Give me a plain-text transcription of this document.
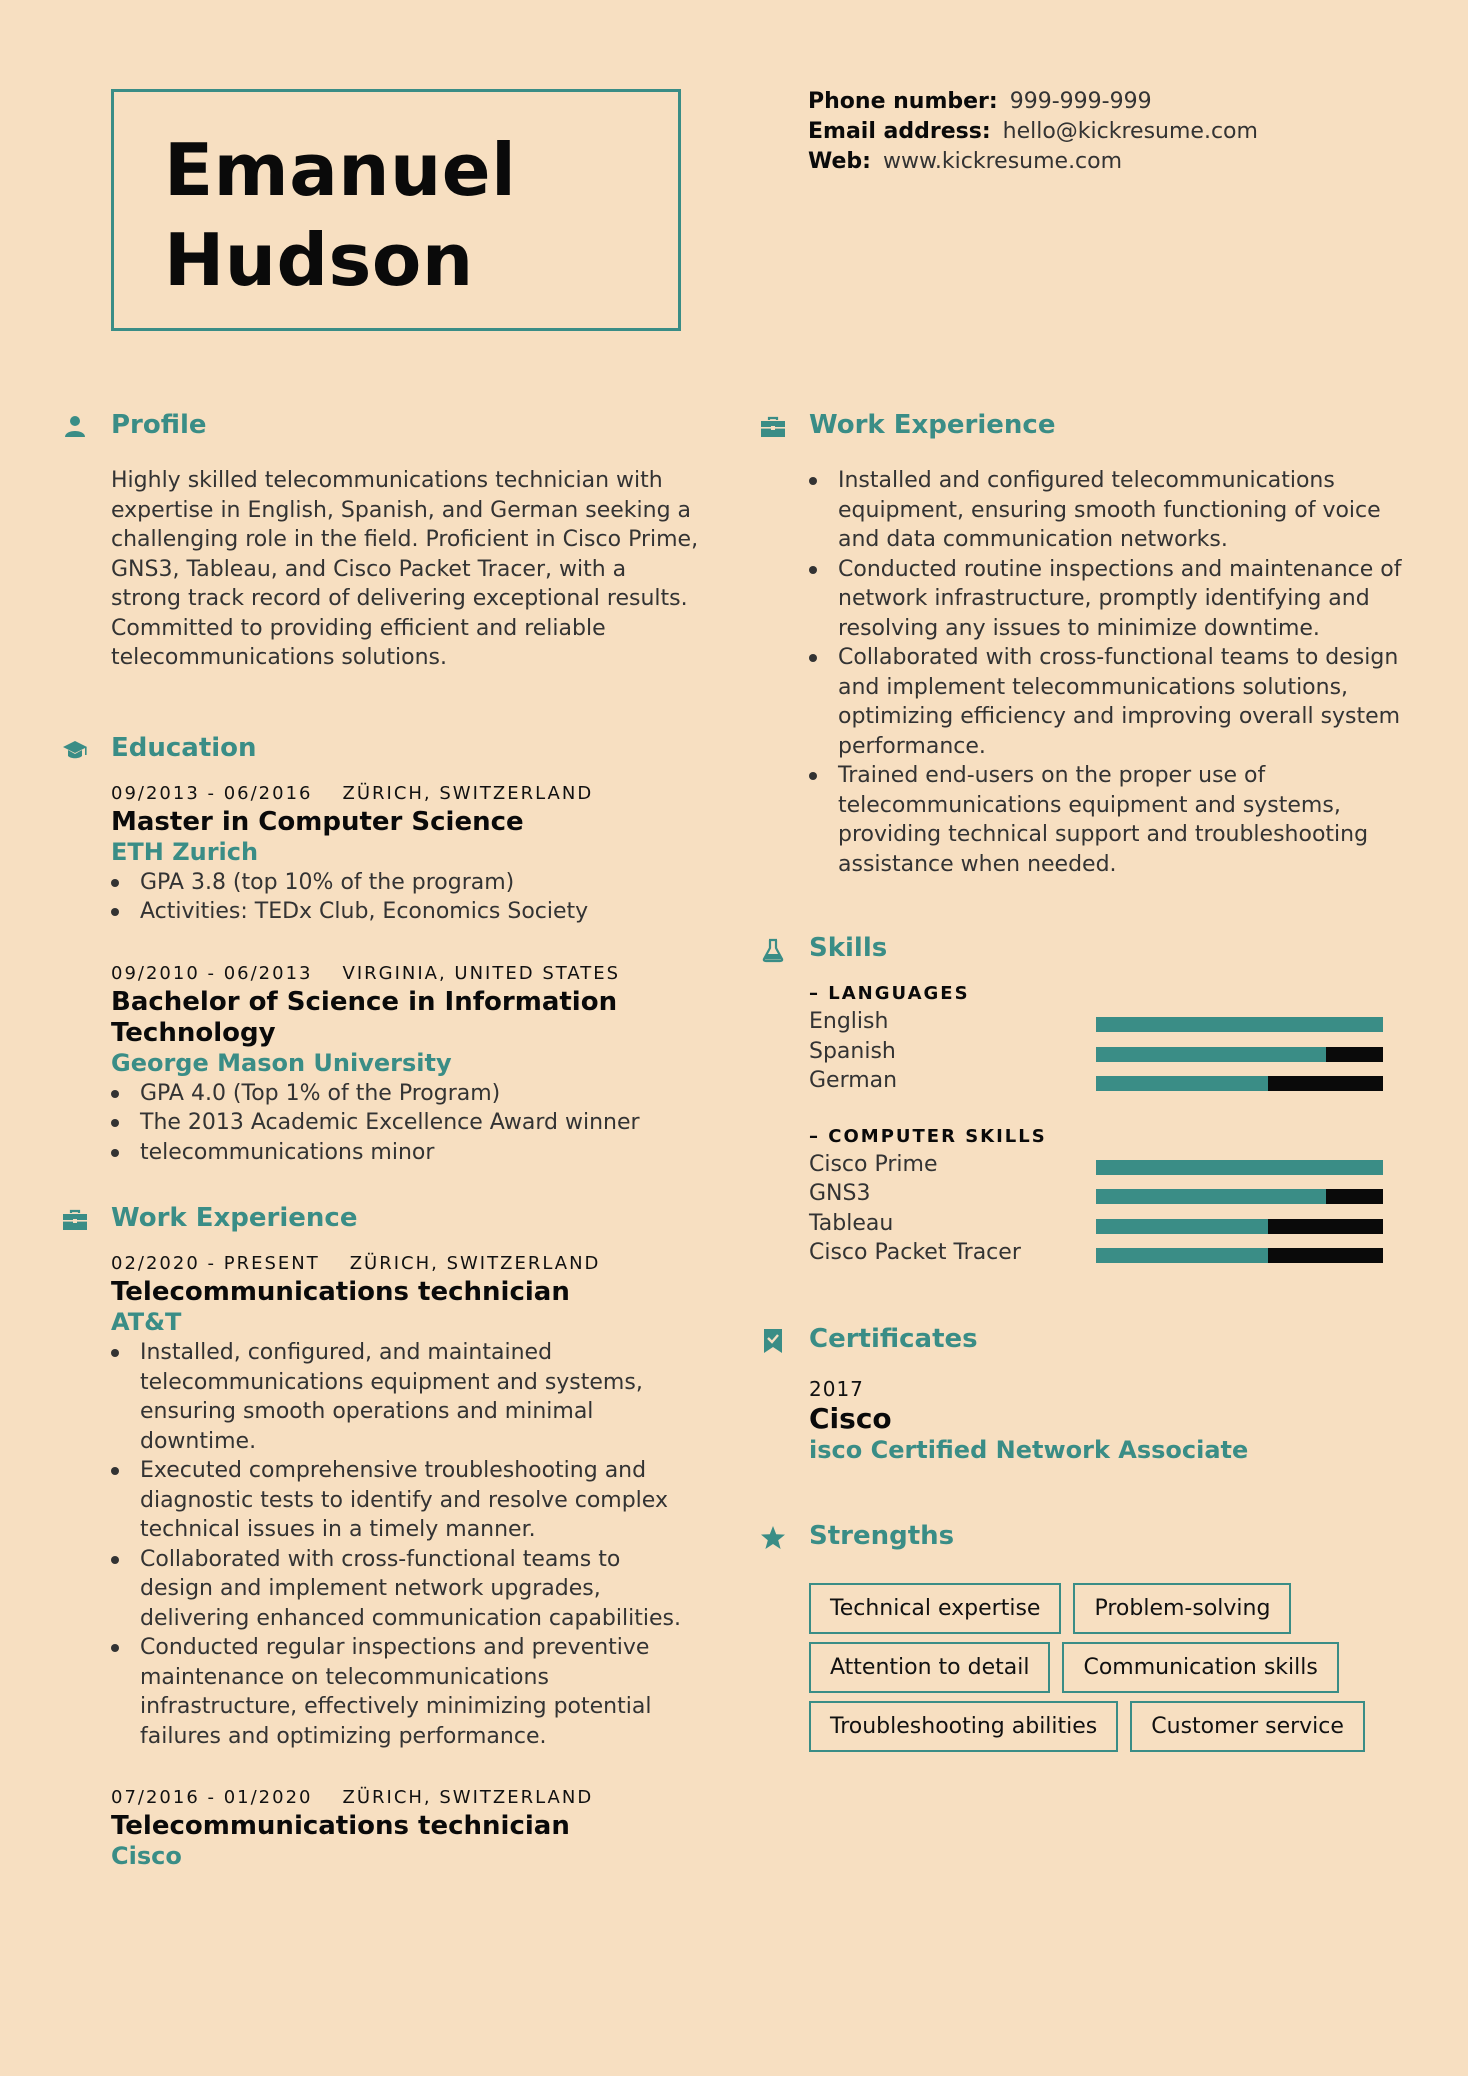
Emanuel
Hudson
Phone number: 999-999-999
Email address: hello@kickresume.com
Web: www.kickresume.com
Profile

Highly skilled telecommunications technician with expertise in English, Spanish, and German seeking a challenging role in the field. Proficient in Cisco Prime, GNS3, Tableau, and Cisco Packet Tracer, with a strong track record of delivering exceptional results. Committed to providing efficient and reliable telecommunications solutions.

Education
09/2013 - 06/2016 ZÜRICH, SWITZERLAND
Master in Computer Science
ETH Zurich
GPA 3.8 (top 10% of the program)
Activities: TEDx Club, Economics Society
09/2010 - 06/2013 VIRGINIA, UNITED STATES
Bachelor of Science in Information Technology
George Mason University
GPA 4.0 (Top 1% of the Program)
The 2013 Academic Excellence Award winner
telecommunications minor
Work Experience
02/2020 - PRESENT ZÜRICH, SWITZERLAND
Telecommunications technician
AT&T
Installed, configured, and maintained telecommunications equipment and systems, ensuring smooth operations and minimal downtime.
Executed comprehensive troubleshooting and diagnostic tests to identify and resolve complex technical issues in a timely manner.
Collaborated with cross-functional teams to design and implement network upgrades, delivering enhanced communication capabilities.
Conducted regular inspections and preventive maintenance on telecommunications infrastructure, effectively minimizing potential failures and optimizing performance.
07/2016 - 01/2020 ZÜRICH, SWITZERLAND
Telecommunications technician
Cisco
Work Experience
Installed and configured telecommunications equipment, ensuring smooth functioning of voice and data communication networks.
Conducted routine inspections and maintenance of network infrastructure, promptly identifying and resolving any issues to minimize downtime.
Collaborated with cross-functional teams to design and implement telecommunications solutions, optimizing efficiency and improving overall system performance.
Trained end-users on the proper use of telecommunications equipment and systems, providing technical support and troubleshooting assistance when needed.
Skills
– LANGUAGES
English
Spanish
German
– COMPUTER SKILLS
Cisco Prime
GNS3
Tableau
Cisco Packet Tracer
Certificates
2017
Cisco
isco Certified Network Associate
Strengths
Technical expertise	Problem-solving
Attention to detail	Communication skills
Troubleshooting abilities	Customer service
